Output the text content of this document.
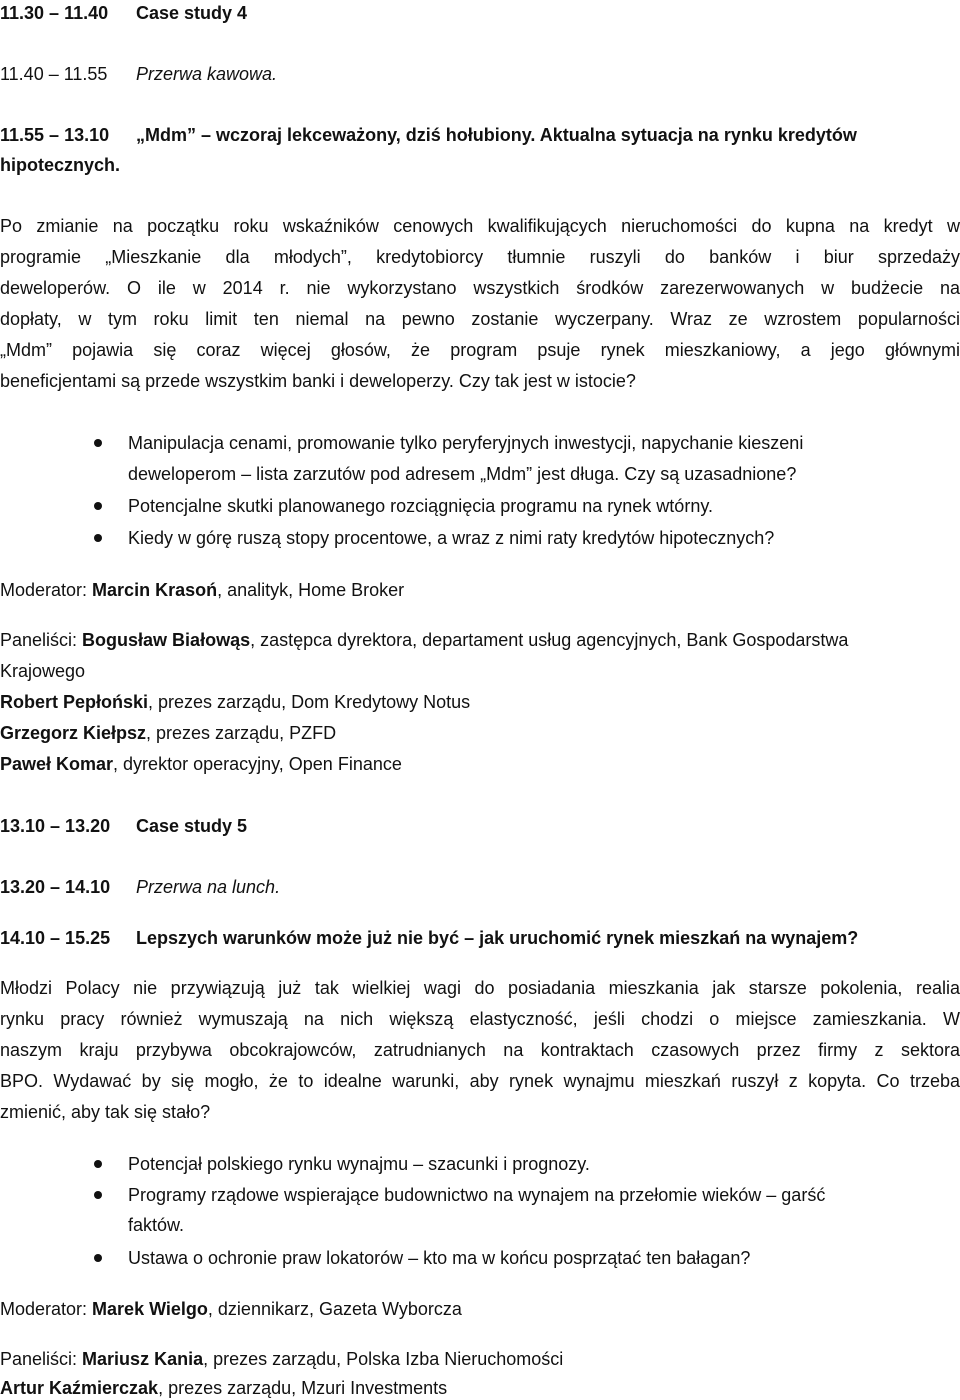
11.30 – 11.40 Case study 4
11.40 – 11.55 Przerwa kawowa.
11.55 – 13.10 „Mdm” – wczoraj lekceważony, dziś hołubiony. Aktualna sytuacja na rynku kredytów
hipotecznych.
Po zmianie na początku roku wskaźników cenowych kwalifikujących nieruchomości do kupna na kredyt w
programie „Mieszkanie dla młodych”, kredytobiorcy tłumnie ruszyli do banków i biur sprzedaży
deweloperów. O ile w 2014 r. nie wykorzystano wszystkich środków zarezerwowanych w budżecie na
dopłaty, w tym roku limit ten niemal na pewno zostanie wyczerpany. Wraz ze wzrostem popularności
„Mdm” pojawia się coraz więcej głosów, że program psuje rynek mieszkaniowy, a jego głównymi
beneficjentami są przede wszystkim banki i deweloperzy. Czy tak jest w istocie?
Manipulacja cenami, promowanie tylko peryferyjnych inwestycji, napychanie kieszeni
deweloperom – lista zarzutów pod adresem „Mdm” jest długa. Czy są uzasadnione?
Potencjalne skutki planowanego rozciągnięcia programu na rynek wtórny.
Kiedy w górę ruszą stopy procentowe, a wraz z nimi raty kredytów hipotecznych?
Moderator: Marcin Krasoń, analityk, Home Broker
Paneliści: Bogusław Białowąs, zastępca dyrektora, departament usług agencyjnych, Bank Gospodarstwa
Krajowego
Robert Pepłoński, prezes zarządu, Dom Kredytowy Notus
Grzegorz Kiełpsz, prezes zarządu, PZFD
Paweł Komar, dyrektor operacyjny, Open Finance
13.10 – 13.20 Case study 5
13.20 – 14.10 Przerwa na lunch.
14.10 – 15.25 Lepszych warunków może już nie być – jak uruchomić rynek mieszkań na wynajem?
Młodzi Polacy nie przywiązują już tak wielkiej wagi do posiadania mieszkania jak starsze pokolenia, realia
rynku pracy również wymuszają na nich większą elastyczność, jeśli chodzi o miejsce zamieszkania. W
naszym kraju przybywa obcokrajowców, zatrudnianych na kontraktach czasowych przez firmy z sektora
BPO. Wydawać by się mogło, że to idealne warunki, aby rynek wynajmu mieszkań ruszył z kopyta. Co trzeba
zmienić, aby tak się stało?
Potencjał polskiego rynku wynajmu – szacunki i prognozy.
Programy rządowe wspierające budownictwo na wynajem na przełomie wieków – garść
faktów.
Ustawa o ochronie praw lokatorów – kto ma w końcu posprzątać ten bałagan?
Moderator: Marek Wielgo, dziennikarz, Gazeta Wyborcza
Paneliści: Mariusz Kania, prezes zarządu, Polska Izba Nieruchomości
Artur Kaźmierczak, prezes zarządu, Mzuri Investments
